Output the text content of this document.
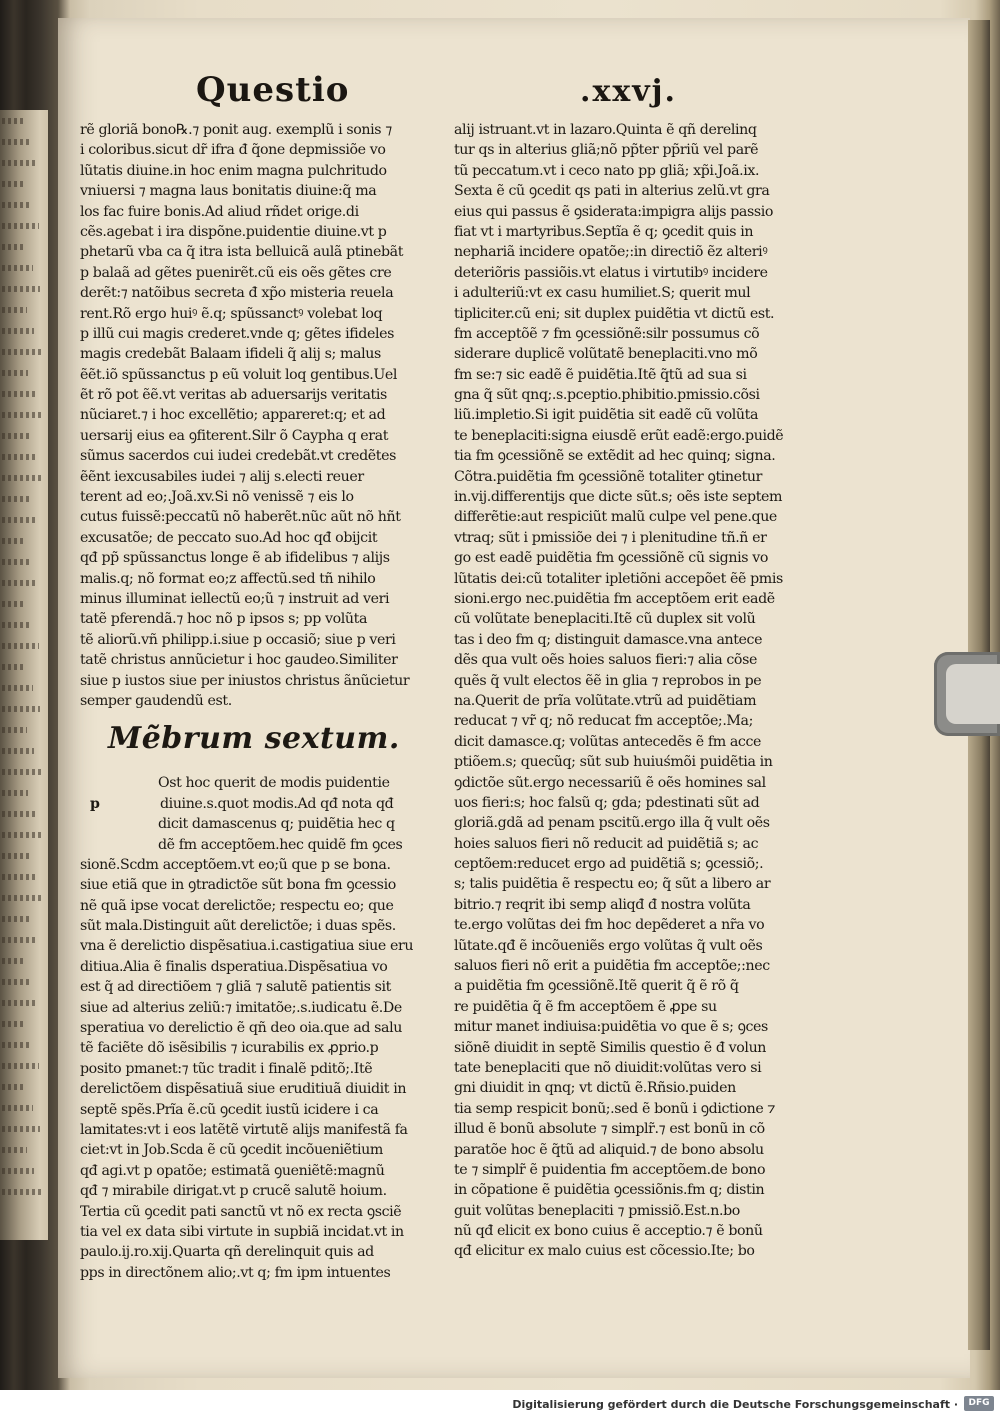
Questio	.xxvj.
rẽ gloriã bono℞.⁊ ponit aug. exemplũ i sonis ⁊
i coloribus.sicut dr̃ ifra đ q̃one depmissiõe vo
lũtatis diuine.in hoc enim magna pulchritudo
vniuersi ⁊ magna laus bonitatis diuine:q̃ ma
los fac fuire bonis.Ad aliud rñdet orige.di
cẽs.agebat i ira dispõne.puidentie diuine.vt p
phetarũ vba ca q̃ itra ista belluicã aulã ptinebãt
p balaã ad gẽtes puenirẽt.cũ eis oẽs gẽtes cre
derẽt:⁊ natõibus secreta đ xp̃o misteria reuela
rent.Rõ ergo huiꝰ ẽ.q; spũssanctꝰ volebat loq
p illũ cui magis crederet.vnde q; gẽtes ifideles
magis credebãt Balaam ifideli q̃ alij s; malus
ẽẽt.iõ spũssanctus p eũ voluit loq gentibus.Uel
ẽt rõ pot ẽẽ.vt veritas ab aduersarijs veritatis
nũciaret.⁊ i hoc excellẽtio; appareret:q; et ad
uersarij eius ea ꝯfiterent.Silr õ Caypha q erat
sũmus sacerdos cui iudei credebãt.vt credẽtes
ẽẽnt iexcusabiles iudei ⁊ alij s.electi reuer
terent ad eo;.Joã.xv.Si nõ venissẽ ⁊ eis lo
cutus fuissẽ:peccatũ nõ haberẽt.nũc aũt nõ hñt
excusatõe; de peccato suo.Ad hoc qđ obijcit
qđ pp̃ spũssanctus longe ẽ ab ifidelibus ⁊ alijs
malis.q; nõ format eo;z affectũ.sed tñ nihilo
minus illuminat iellectũ eo;ũ ⁊ instruit ad veri
tatẽ pferendã.⁊ hoc nõ p ipsos s; pp volũta
tẽ aliorũ.vñ philipp.i.siue p occasiõ; siue p veri
tatẽ christus annũcietur i hoc gaudeo.Similiter
siue p iustos siue per iniustos christus ãnũcietur
semper gaudendũ est.
Mẽbrum sextum.
Ost hoc querit de modis puidentie
p	diuine.s.quot modis.Ad qđ nota qđ
dicit damascenus q; puidẽtia hec q
dẽ fm acceptõem.hec quidẽ fm ꝯces
sionẽ.Scdm acceptõem.vt eo;ũ que p se bona.
siue etiã que in ꝯtradictõe sũt bona fm ꝯcessio
nẽ quã ipse vocat derelictõe; respectu eo; que
sũt mala.Distinguit aũt derelictõe; i duas spẽs.
vna ẽ derelictio dispẽsatiua.i.castigatiua siue eru
ditiua.Alia ẽ finalis dsperatiua.Dispẽsatiua vo
est q̃ ad directiõem ⁊ gliã ⁊ salutẽ patientis sit
siue ad alterius zeliũ:⁊ imitatõe;.s.iudicatu ẽ.De
speratiua vo derelictio ẽ qñ deo oia.que ad salu
tẽ faciẽte dõ isẽsibilis ⁊ icurabilis ex ꝓprio.p
posito pmanet:⁊ tũc tradit i finalẽ pditõ;.Itẽ
derelictõem dispẽsatiuã siue eruditiuã diuidit in
septẽ spẽs.Prĩa ẽ.cũ ꝯcedit iustũ icidere i ca
lamitates:vt i eos latẽtẽ virtutẽ alijs manifestã fa
ciet:vt in Job.Scda ẽ cũ ꝯcedit incõueniẽtium
qđ agi.vt p opatõe; estimatã ꝯueniẽtẽ:magnũ
qđ ⁊ mirabile dirigat.vt p crucẽ salutẽ hoium.
Tertia cũ ꝯcedit pati sanctũ vt nõ ex recta ꝯsciẽ
tia vel ex data sibi virtute in supbiã incidat.vt in
paulo.ij.ro.xij.Quarta qñ derelinquit quis ad
pps in directõnem alio;.vt q; fm ipm intuentes
alij istruant.vt in lazaro.Quinta ẽ qñ derelinq
tur qs in alterius gliã;nõ pp̃ter pp̃riũ vel parẽ
tũ peccatum.vt i ceco nato pp gliã; xp̃i.Joã.ix.
Sexta ẽ cũ ꝯcedit qs pati in alterius zelũ.vt gra
eius qui passus ẽ ꝯsiderata:impigra alijs passio
fiat vt i martyribus.Septĩa ẽ q; ꝯcedit quis in
nephariã incidere opatõe;:in directiõ ẽz alteriꝰ
deteriõris passiõis.vt elatus i virtutibꝰ incidere
i adulteriũ:vt ex casu humiliet.S; querit mul
tipliciter.cũ eni; sit duplex puidẽtia vt dictũ est.
fm acceptõẽ ⁊ fm ꝯcessiõnẽ:silr possumus cõ
siderare duplicẽ volũtatẽ beneplaciti.vno mõ
fm se:⁊ sic eadẽ ẽ puidẽtia.Itẽ q̃tũ ad sua si
gna q̃ sũt qnq;.s.pceptio.phibitio.pmissio.cõsi
liũ.impletio.Si igit puidẽtia sit eadẽ cũ volũta
te beneplaciti:signa eiusdẽ erũt eadẽ:ergo.puidẽ
tia fm ꝯcessiõnẽ se extẽdit ad hec quinq; signa.
Cõtra.puidẽtia fm ꝯcessiõnẽ totaliter ꝯtinetur
in.vij.differentijs que dicte sũt.s; oẽs iste septem
differẽtie:aut respiciũt malũ culpe vel pene.que
vtraq; sũt i pmissiõe dei ⁊ i plenitudine tñ.ñ er
go est eadẽ puidẽtia fm ꝯcessiõnẽ cũ signis vo
lũtatis dei:cũ totaliter ipletiõni accepõet ẽẽ pmis
sioni.ergo nec.puidẽtia fm acceptõem erit eadẽ
cũ volũtate beneplaciti.Itẽ cũ duplex sit volũ
tas i deo fm q; distinguit damasce.vna antece
dẽs qua vult oẽs hoies saluos fieri:⁊ alia cõse
quẽs q̃ vult electos ẽẽ in glia ⁊ reprobos in pe
na.Querit de prĩa volũtate.vtrũ ad puidẽtiam
reducat ⁊ vr̃ q; nõ reducat fm acceptõe;.Ma;
dicit damasce.q; volũtas antecedẽs ẽ fm acce
ptiõem.s; quecũq; sũt sub huiuśmõi puidẽtia in
ꝯdictõe sũt.ergo necessariũ ẽ oẽs homines sal
uos fieri:s; hoc falsũ q; gda; pdestinati sũt ad
gloriã.gdã ad penam pscitũ.ergo illa q̃ vult oẽs
hoies saluos fieri nõ reducit ad puidẽtiã s; ac
ceptõem:reducet ergo ad puidẽtiã s; ꝯcessiõ;.
s; talis puidẽtia ẽ respectu eo; q̃ sũt a libero ar
bitrio.⁊ reqrit ibi semp aliqđ đ nostra volũta
te.ergo volũtas dei fm hoc depẽderet a nr̃a vo
lũtate.qđ ẽ incõueniẽs ergo volũtas q̃ vult oẽs
saluos fieri nõ erit a puidẽtia fm acceptõe;:nec
a puidẽtia fm ꝯcessiõnẽ.Itẽ querit q̃ ẽ rõ q̃
re puidẽtia q̃ ẽ fm acceptõem ẽ ꝓpe su
mitur manet indiuisa:puidẽtia vo que ẽ s; ꝯces
siõnẽ diuidit in septẽ Similis questio ẽ đ volun
tate beneplaciti que nõ diuidit:volũtas vero si
gni diuidit in qnq; vt dictũ ẽ.Rñsio.puiden
tia semp respicit bonũ;.sed ẽ bonũ i ꝯdictione ⁊
illud ẽ bonũ absolute ⁊ simplr̃.⁊ est bonũ in cõ
paratõe hoc ẽ q̃tũ ad aliquid.⁊ de bono absolu
te ⁊ simplr̃ ẽ puidentia fm acceptõem.de bono
in cõpatione ẽ puidẽtia ꝯcessiõnis.fm q; distin
guit volũtas beneplaciti ⁊ pmissiõ.Est.n.bo
nũ qđ elicit ex bono cuius ẽ acceptio.⁊ ẽ bonũ
qđ elicitur ex malo cuius est cõcessio.Ite; bo
Digitalisierung gefördert durch die Deutsche Forschungsgemeinschaft ·	DFG
